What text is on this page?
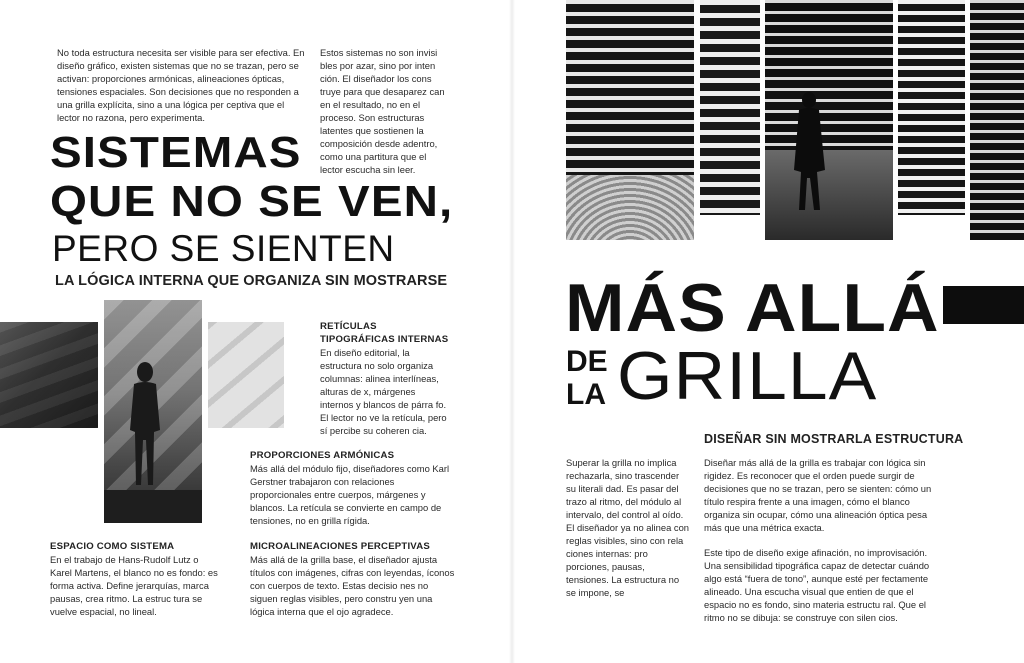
No toda estructura necesita ser visible para ser efectiva. En diseño gráfico, existen sistemas que no se trazan, pero se activan: proporciones armónicas, alineaciones ópticas, tensiones espaciales. Son decisiones que no responden a una grilla explícita, sino a una lógica per ceptiva que el lector no razona, pero experimenta.

Estos sistemas no son invisi bles por azar, sino por inten ción. El diseñador los cons truye para que desaparez can en el resultado, no en el proceso. Son estructuras latentes que sostienen la composición desde adentro, como una partitura que el lector escucha sin leer.

SISTEMAS
QUE NO SE VEN,
PERO SE SIENTEN
LA LÓGICA INTERNA QUE ORGANIZA SIN MOSTRARSE
RETÍCULAS TIPOGRÁFICAS INTERNAS

En diseño editorial, la estructura no solo organiza columnas: alinea interlíneas, alturas de x, márgenes internos y blancos de párra fo. El lector no ve la retícula, pero sí percibe su coheren cia.

PROPORCIONES ARMÓNICAS

Más allá del módulo fijo, diseñadores como Karl Gerstner trabajaron con relaciones proporcionales entre cuerpos, márgenes y blancos. La retícula se convierte en campo de tensiones, no en grilla rígida.

ESPACIO COMO SISTEMA

En el trabajo de Hans-Rudolf Lutz o Karel Martens, el blanco no es fondo: es forma activa. Define jerarquías, marca pausas, crea ritmo. La estruc tura se vuelve espacial, no lineal.

MICROALINEACIONES PERCEPTIVAS

Más allá de la grilla base, el diseñador ajusta títulos con imágenes, cifras con leyendas, íconos con cuerpos de texto. Estas decisio nes no siguen reglas visibles, pero constru yen una lógica interna que el ojo agradece.

MÁS ALLÁ
DE
LA GRILLA
DISEÑAR SIN MOSTRARLA ESTRUCTURA

Superar la grilla no implica rechazarla, sino trascender su literali dad. Es pasar del trazo al ritmo, del módulo al intervalo, del control al oído. El diseñador ya no alinea con reglas visibles, sino con rela ciones internas: pro porciones, pausas, tensiones. La estructura no se impone, se

Diseñar más allá de la grilla es trabajar con lógica sin rigidez. Es reconocer que el orden puede surgir de decisiones que no se trazan, pero se sienten: cómo un título respira frente a una imagen, cómo el blanco organiza sin ocupar, cómo una alineación óptica pesa más que una métrica exacta.

Este tipo de diseño exige afinación, no improvisación. Una sensibilidad tipográfica capaz de detectar cuándo algo está “fuera de tono”, aunque esté per fectamente alineado. Una escucha visual que entien de que el espacio no es fondo, sino materia estructu ral. Que el ritmo no se dibuja: se construye con silen cios.
